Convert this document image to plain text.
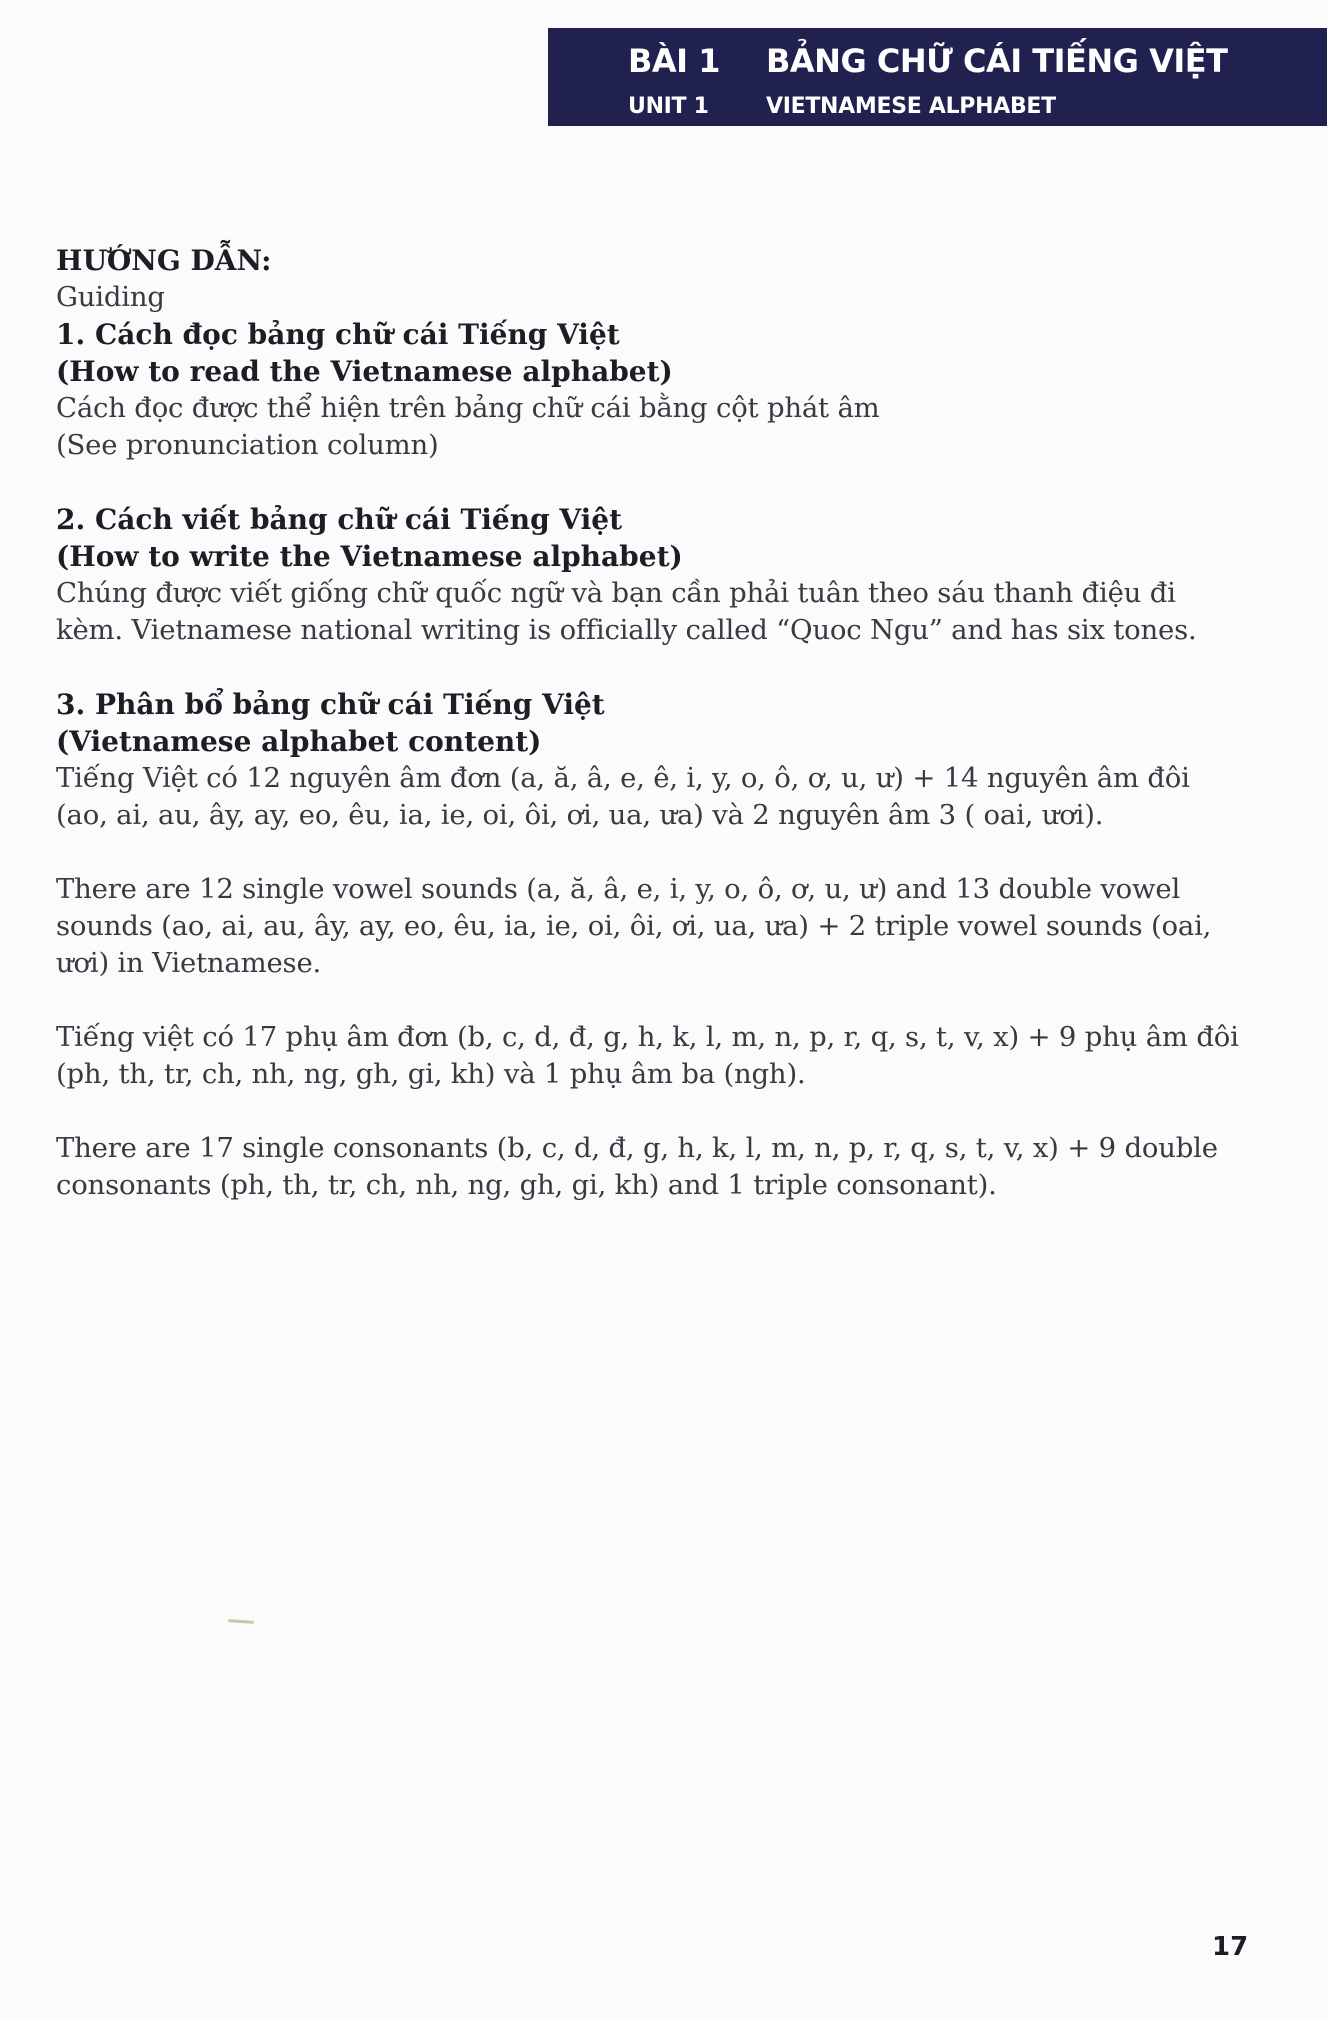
BÀI 1 BẢNG CHỮ CÁI TIẾNG VIỆT
UNIT 1	VIETNAMESE ALPHABET
HƯỚNG DẪN:
Guiding
1. Cách đọc bảng chữ cái Tiếng Việt
(How to read the Vietnamese alphabet)
Cách đọc được thể hiện trên bảng chữ cái bằng cột phát âm
(See pronunciation column)
2. Cách viết bảng chữ cái Tiếng Việt
(How to write the Vietnamese alphabet)
Chúng được viết giống chữ quốc ngữ và bạn cần phải tuân theo sáu thanh điệu đi
kèm. Vietnamese national writing is officially called “Quoc Ngu” and has six tones.
3. Phân bổ bảng chữ cái Tiếng Việt
(Vietnamese alphabet content)
Tiếng Việt có 12 nguyên âm đơn (a, ă, â, e, ê, i, y, o, ô, ơ, u, ư) + 14 nguyên âm đôi
(ao, ai, au, ây, ay, eo, êu, ia, ie, oi, ôi, ơi, ua, ưa) và 2 nguyên âm 3 ( oai, ươi).
There are 12 single vowel sounds (a, ă, â, e, i, y, o, ô, ơ, u, ư) and 13 double vowel
sounds (ao, ai, au, ây, ay, eo, êu, ia, ie, oi, ôi, ơi, ua, ưa) + 2 triple vowel sounds (oai,
ươi) in Vietnamese.
Tiếng việt có 17 phụ âm đơn (b, c, d, đ, g, h, k, l, m, n, p, r, q, s, t, v, x) + 9 phụ âm đôi
(ph, th, tr, ch, nh, ng, gh, gi, kh) và 1 phụ âm ba (ngh).
There are 17 single consonants (b, c, d, đ, g, h, k, l, m, n, p, r, q, s, t, v, x) + 9 double
consonants (ph, th, tr, ch, nh, ng, gh, gi, kh) and 1 triple consonant).
17
